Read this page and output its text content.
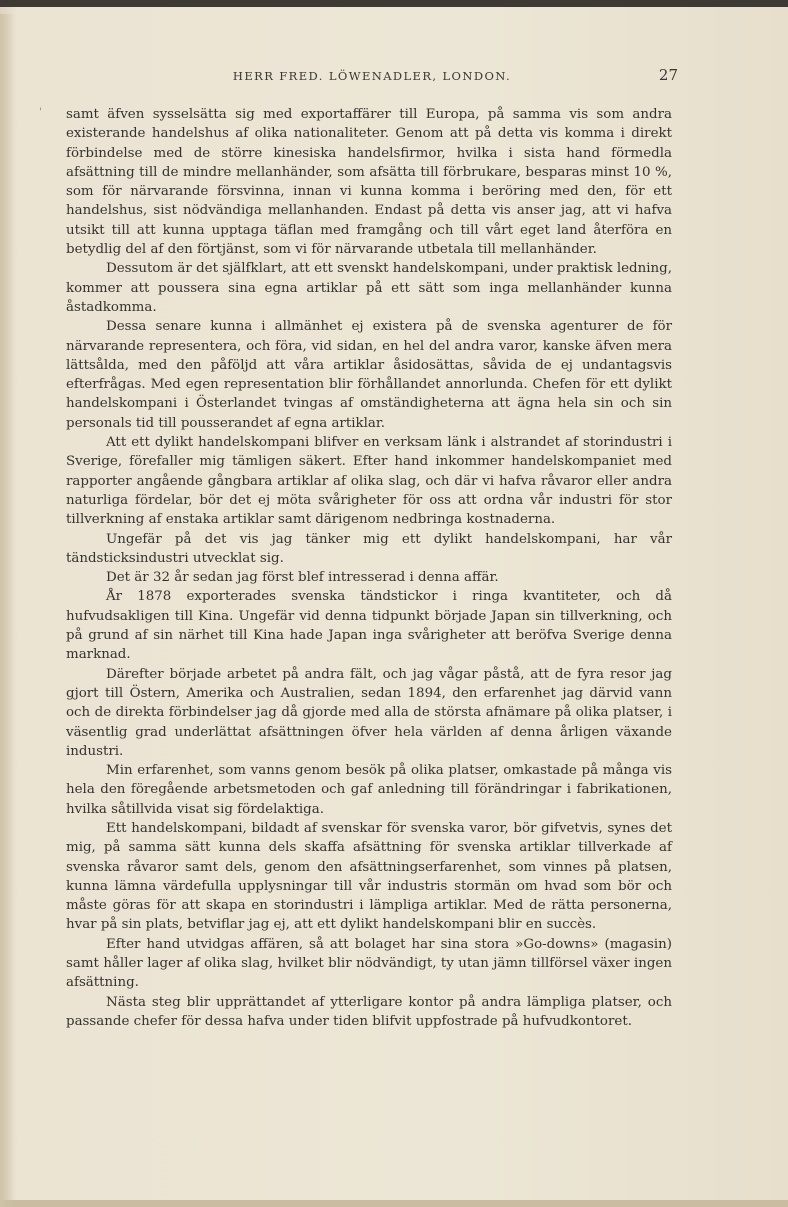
HERR FRED. LÖWENADLER, LONDON.	27
' samt äfven sysselsätta sig med exportaffärer till Europa, på samma vis som andra existerande handelshus af olika nationaliteter. Genom att på detta vis komma i direkt förbindelse med de större kinesiska handelsfirmor, hvilka i sista hand förmedla afsättning till de mindre mellanhänder, som afsätta till förbrukare, besparas minst 10 %, som för närvarande försvinna, innan vi kunna komma i beröring med den, för ett handelshus, sist nödvändiga mellanhanden. Endast på detta vis anser jag, att vi hafva utsikt till att kunna upptaga täflan med framgång och till vårt eget land återföra en betydlig del af den förtjänst, som vi för närvarande utbetala till mellanhänder.

Dessutom är det själfklart, att ett svenskt handelskompani, under praktisk ledning, kommer att poussera sina egna artiklar på ett sätt som inga mellanhänder kunna åstadkomma.

Dessa senare kunna i allmänhet ej existera på de svenska agenturer de för närvarande representera, och föra, vid sidan, en hel del andra varor, kanske äfven mera lättsålda, med den påföljd att våra artiklar åsidosättas, såvida de ej undantagsvis efterfrågas. Med egen representation blir förhållandet annorlunda. Chefen för ett dylikt handelskompani i Österlandet tvingas af omständigheterna att ägna hela sin och sin personals tid till pousserandet af egna artiklar.

Att ett dylikt handelskompani blifver en verksam länk i alstrandet af storindustri i Sverige, förefaller mig tämligen säkert. Efter hand inkommer handelskompaniet med rapporter angående gångbara artiklar af olika slag, och där vi hafva råvaror eller andra naturliga fördelar, bör det ej möta svårigheter för oss att ordna vår industri för stor tillverkning af enstaka artiklar samt därigenom nedbringa kostnaderna.

Ungefär på det vis jag tänker mig ett dylikt handelskompani, har vår tändsticksindustri utvecklat sig.

Det är 32 år sedan jag först blef intresserad i denna affär.

År 1878 exporterades svenska tändstickor i ringa kvantiteter, och då hufvudsakligen till Kina. Ungefär vid denna tidpunkt började Japan sin tillverkning, och på grund af sin närhet till Kina hade Japan inga svårigheter att beröfva Sverige denna marknad.

Därefter började arbetet på andra fält, och jag vågar påstå, att de fyra resor jag gjort till Östern, Amerika och Australien, sedan 1894, den erfarenhet jag därvid vann och de direkta förbindelser jag då gjorde med alla de största afnämare på olika platser, i väsentlig grad underlättat afsättningen öfver hela världen af denna årligen växande industri.

Min erfarenhet, som vanns genom besök på olika platser, omkastade på många vis hela den föregående arbetsmetoden och gaf anledning till förändringar i fabrikationen, hvilka såtillvida visat sig fördelaktiga.

Ett handelskompani, bildadt af svenskar för svenska varor, bör gifvetvis, synes det mig, på samma sätt kunna dels skaffa afsättning för svenska artiklar tillverkade af svenska råvaror samt dels, genom den afsättningserfarenhet, som vinnes på platsen, kunna lämna värdefulla upplysningar till vår industris stormän om hvad som bör och måste göras för att skapa en storindustri i lämpliga artiklar. Med de rätta personerna, hvar på sin plats, betviflar jag ej, att ett dylikt handelskompani blir en succès.

Efter hand utvidgas affären, så att bolaget har sina stora »Go-downs» (magasin) samt håller lager af olika slag, hvilket blir nödvändigt, ty utan jämn tillförsel växer ingen afsättning.

Nästa steg blir upprättandet af ytterligare kontor på andra lämpliga platser, och passande chefer för dessa hafva under tiden blifvit uppfostrade på hufvudkontoret.
